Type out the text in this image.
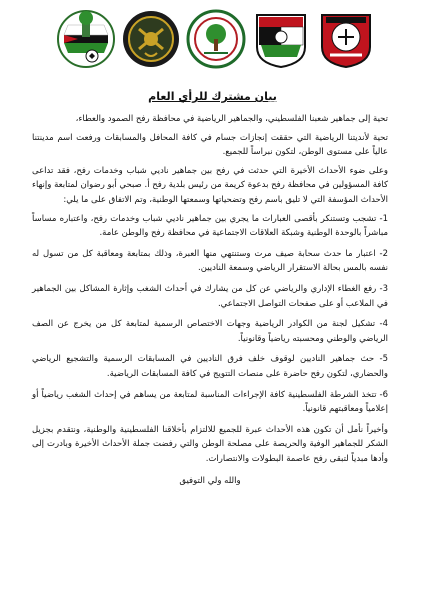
بيان مشترك للرأي العام

تحية إلى جماهير شعبنا الفلسطيني، والجماهير الرياضية في محافظة رفح الصمود والعطاء،

تحية لأنديتنا الرياضية التي حققت إنجازات جسام في كافة المحافل والمسابقات ورفعت اسم مدينتنا عالياً على مستوى الوطن، لتكون نبراساً للجميع.

وعلى ضوء الأحداث الأخيرة التي حدثت في رفح بين جماهير ناديي شباب وخدمات رفح، فقد تداعى كافة المسؤولين في محافظة رفح بدعوة كريمة من رئيس بلدية رفح أ. صبحي أبو رضوان لمتابعة وإنهاء الأحداث المؤسفة التي لا تليق باسم رفح وتضحياتها وسمعتها الوطنية، وتم الاتفاق على ما يلي:

1- تشجب وتستنكر بأقصى العبارات ما يجري بين جماهير ناديي شباب وخدمات رفح، واعتباره مساساً مباشراً بالوحدة الوطنية وشبكة العلاقات الاجتماعية في محافظة رفح والوطن عامة.

2- اعتبار ما حدث سحابة صيف مرت وستنتهي منها العبرة، وذلك بمتابعة ومعاقبة كل من تسول له نفسه بالمس بحالة الاستقرار الرياضي وسمعة الناديين.

3- رفع الغطاء الإداري والرياضي عن كل من يشارك في أحداث الشغب وإثارة المشاكل بين الجماهير في الملاعب أو على صفحات التواصل الاجتماعي.

4- تشكيل لجنة من الكوادر الرياضية وجهات الاختصاص الرسمية لمتابعة كل من يخرج عن الصف الرياضي والوطني ومحسبته رياضياً وقانونياً.

5- حث جماهير الناديين لوقوف خلف فرق الناديين في المسابقات الرسمية والتشجيع الرياضي والحضاري، لتكون رفح حاضرة على منصات التتويج في كافة المسابقات الرياضية.

6- تتخذ الشرطة الفلسطينية كافة الإجراءات المناسبة لمتابعة من يساهم في إحداث الشغب رياضياً أو إعلامياً ومعاقبتهم قانونياً.

وأخيراً نأمل أن تكون هذه الأحداث عبرة للجميع للالتزام بأخلاقنا الفلسطينية والوطنية، ونتقدم بجزيل الشكر للجماهير الوفية والحريصة على مصلحة الوطن والتي رفضت جملة الأحداث الأخيرة وبادرت إلى وأدها مبدياً لتبقى رفح عاصمة البطولات والانتصارات.

والله ولي التوفيق
